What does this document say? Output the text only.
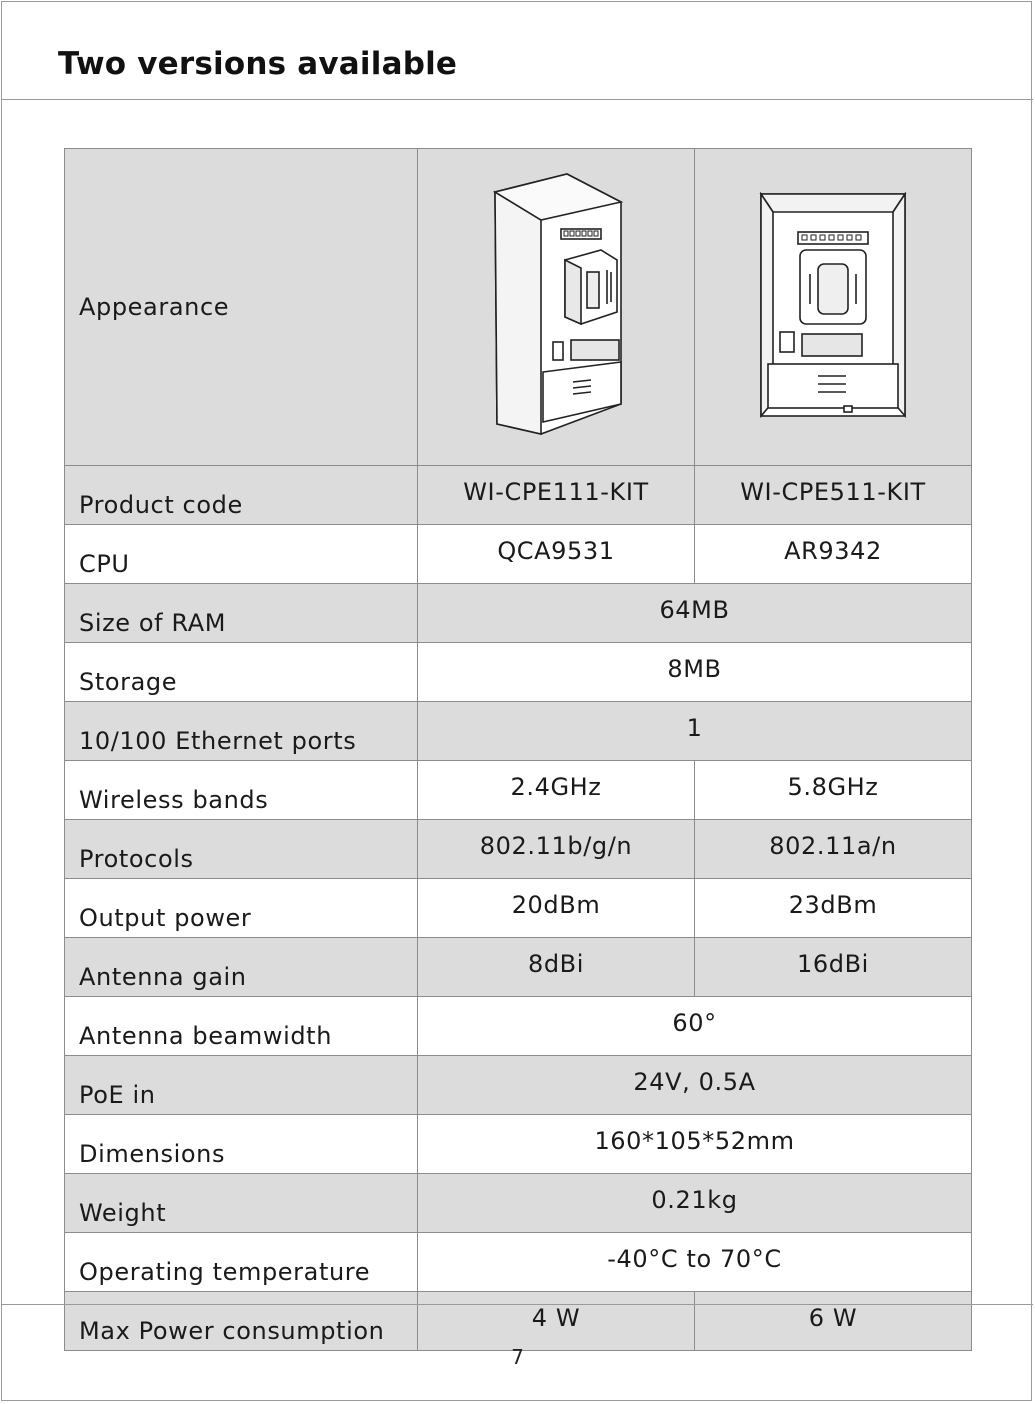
Two versions available
Appearance	

Product code	WI-CPE111-KIT	WI-CPE511-KIT
CPU	QCA9531	AR9342
Size of RAM	64MB	
Storage	8MB	
10/100 Ethernet ports	1	
Wireless bands	2.4GHz	5.8GHz
Protocols	802.11b/g/n	802.11a/n
Output power	20dBm	23dBm
Antenna gain	8dBi	16dBi
Antenna beamwidth	60°	
PoE in	24V, 0.5A	
Dimensions	160*105*52mm	
Weight	0.21kg	
Operating temperature	-40°C to 70°C	
Max Power consumption	4 W	6 W
7
